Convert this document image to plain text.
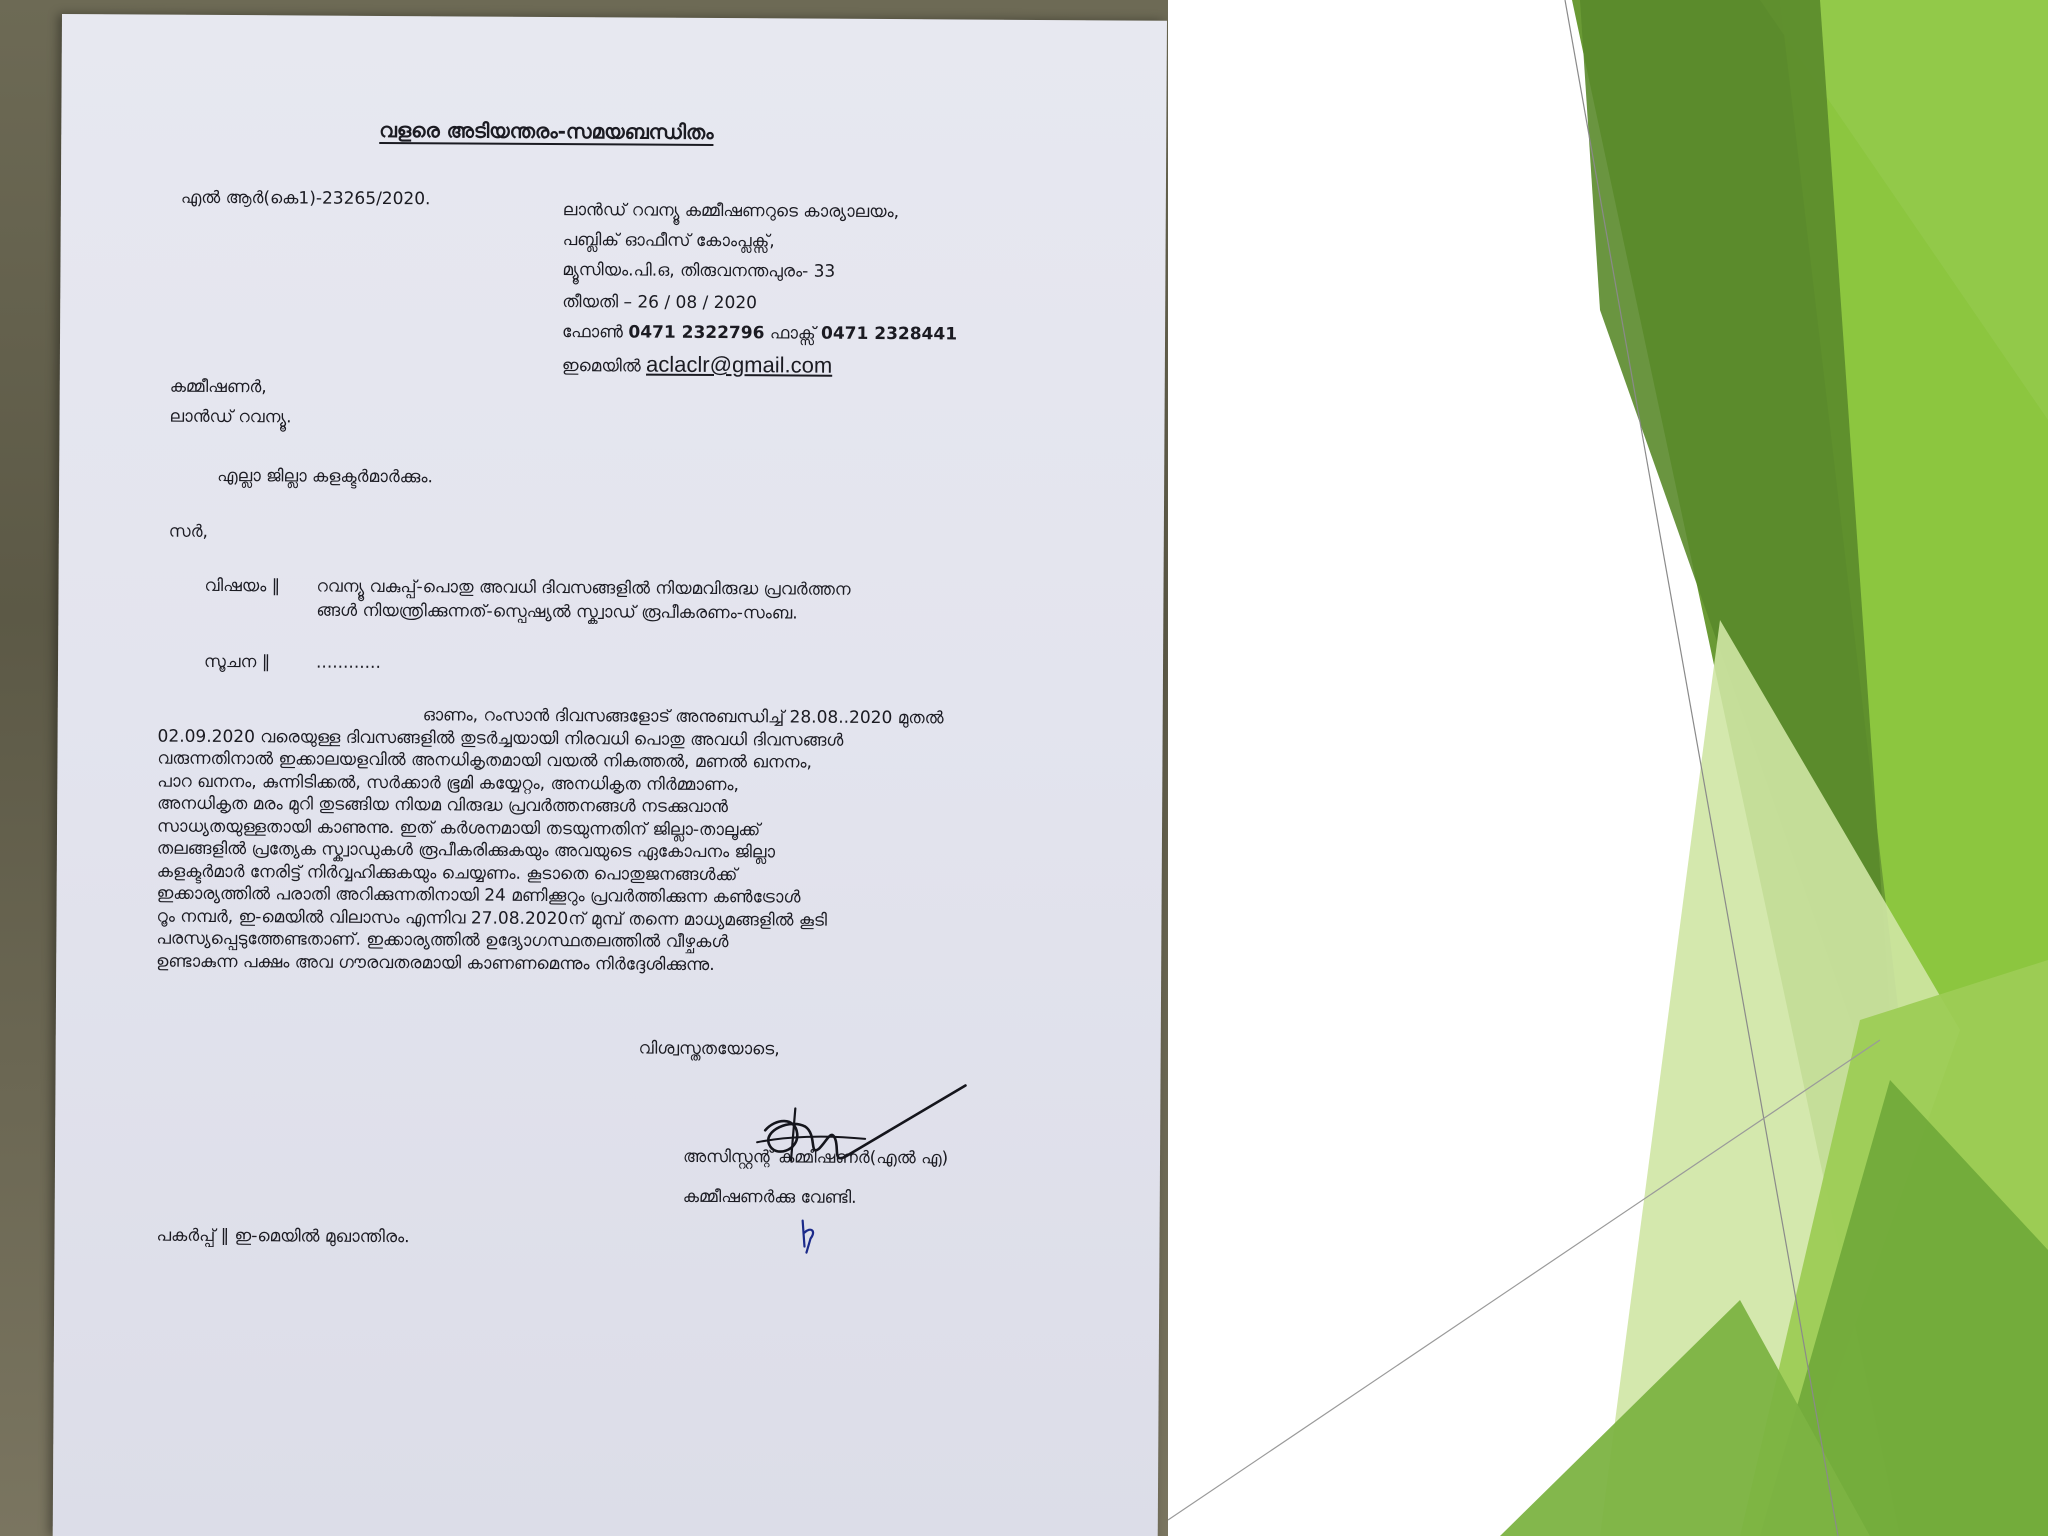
വളരെ അടിയന്തരം-സമയബന്ധിതം
എൽ ആർ(കെ1)-23265/2020.
ലാൻഡ് റവന്യൂ കമ്മീഷണറുടെ കാര്യാലയം,
പബ്ലിക് ഓഫീസ് കോംപ്ലക്സ്,
മ്യൂസിയം.പി.ഒ, തിരുവനന്തപുരം- 33
തീയതി – 26 / 08 / 2020
ഫോൺ 0471 2322796 ഫാക്സ് 0471 2328441
ഇമെയിൽ aclaclr@gmail.com
കമ്മീഷണർ,
ലാൻഡ് റവന്യൂ.
എല്ലാ ജില്ലാ കളക്ടർമാർക്കും.
സർ,
വിഷയം ‖ റവന്യൂ വകുപ്പ്-പൊതു അവധി ദിവസങ്ങളിൽ നിയമവിരുദ്ധ പ്രവർത്തന
ങ്ങൾ നിയന്ത്രിക്കുന്നത്-സ്പെഷ്യൽ സ്ക്വാഡ് രൂപീകരണം-സംബ.
സൂചന ‖	............
ഓണം, റംസാൻ ദിവസങ്ങളോട് അനുബന്ധിച്ച് 28.08..2020 മുതൽ
02.09.2020 വരെയുള്ള ദിവസങ്ങളിൽ തുടർച്ചയായി നിരവധി പൊതു അവധി ദിവസങ്ങൾ
വരുന്നതിനാൽ ഇക്കാലയളവിൽ അനധികൃതമായി വയൽ നികത്തൽ, മണൽ ഖനനം,
പാറ ഖനനം, കുന്നിടിക്കൽ, സർക്കാർ ഭൂമി കയ്യേറ്റം, അനധികൃത നിർമ്മാണം,
അനധികൃത മരം മുറി തുടങ്ങിയ നിയമ വിരുദ്ധ പ്രവർത്തനങ്ങൾ നടക്കുവാൻ
സാധ്യതയുള്ളതായി കാണുന്നു. ഇത് കർശനമായി തടയുന്നതിന് ജില്ലാ-താലൂക്ക്
തലങ്ങളിൽ പ്രത്യേക സ്ക്വാഡുകൾ രൂപീകരിക്കുകയും അവയുടെ ഏകോപനം ജില്ലാ
കളക്ടർമാർ നേരിട്ട് നിർവ്വഹിക്കുകയും ചെയ്യണം. കൂടാതെ പൊതുജനങ്ങൾക്ക്
ഇക്കാര്യത്തിൽ പരാതി അറിക്കുന്നതിനായി 24 മണിക്കൂറും പ്രവർത്തിക്കുന്ന കൺട്രോൾ
റൂം നമ്പർ, ഇ-മെയിൽ വിലാസം എന്നിവ 27.08.2020ന് മുമ്പ് തന്നെ മാധ്യമങ്ങളിൽ കൂടി
പരസ്യപ്പെടുത്തേണ്ടതാണ്. ഇക്കാര്യത്തിൽ ഉദ്യോഗസ്ഥതലത്തിൽ വീഴ്ചകൾ
ഉണ്ടാകുന്ന പക്ഷം അവ ഗൗരവതരമായി കാണണമെന്നും നിർദ്ദേശിക്കുന്നു.
വിശ്വസ്തതയോടെ,
അസിസ്റ്റന്റ് കമ്മീഷണർ(എൽ എ)
കമ്മീഷണർക്കു വേണ്ടി.
പകർപ്പ് ‖ ഇ-മെയിൽ മുഖാന്തിരം.
